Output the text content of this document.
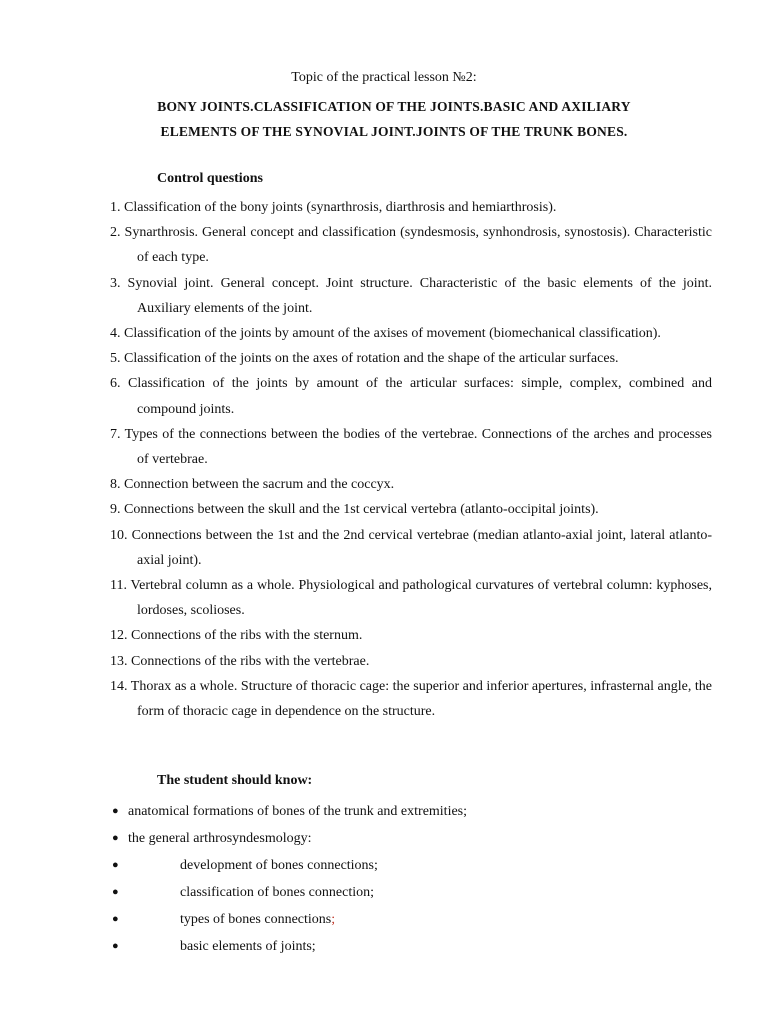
Topic of the practical lesson №2:
BONY JOINTS.CLASSIFICATION OF THE JOINTS.BASIC AND AXILIARY
ELEMENTS OF THE SYNOVIAL JOINT.JOINTS OF THE TRUNK BONES.
Control questions
1. Classification of the bony joints (synarthrosis, diarthrosis and hemiarthrosis).
2. Synarthrosis. General concept and classification (syndesmosis, synhondrosis, synostosis). Characteristic of each type.
3. Synovial joint. General concept. Joint structure. Characteristic of the basic elements of the joint. Auxiliary elements of the joint.
4. Classification of the joints by amount of the axises of movement (biomechanical classification).
5. Classification of the joints on the axes of rotation and the shape of the articular surfaces.
6. Classification of the joints by amount of the articular surfaces: simple, complex, combined and compound joints.
7. Types of the connections between the bodies of the vertebrae. Connections of the arches and processes of vertebrae.
8. Connection between the sacrum and the coccyx.
9. Connections between the skull and the 1st cervical vertebra (atlanto-occipital joints).
10. Connections between the 1st and the 2nd cervical vertebrae (median atlanto-axial joint, lateral atlanto-axial joint).
11. Vertebral column as a whole. Physiological and pathological curvatures of vertebral column: kyphoses, lordoses, scolioses.
12. Connections of the ribs with the sternum.
13. Connections of the ribs with the vertebrae.
14. Thorax as a whole. Structure of thoracic cage: the superior and inferior apertures, infrasternal angle, the form of thoracic cage in dependence on the structure.
The student should know:
● anatomical formations of bones of the trunk and extremities;
● the general arthrosyndesmology:
●	development of bones connections;
●	classification of bones connection;
●	types of bones connections;
●	basic elements of joints;
